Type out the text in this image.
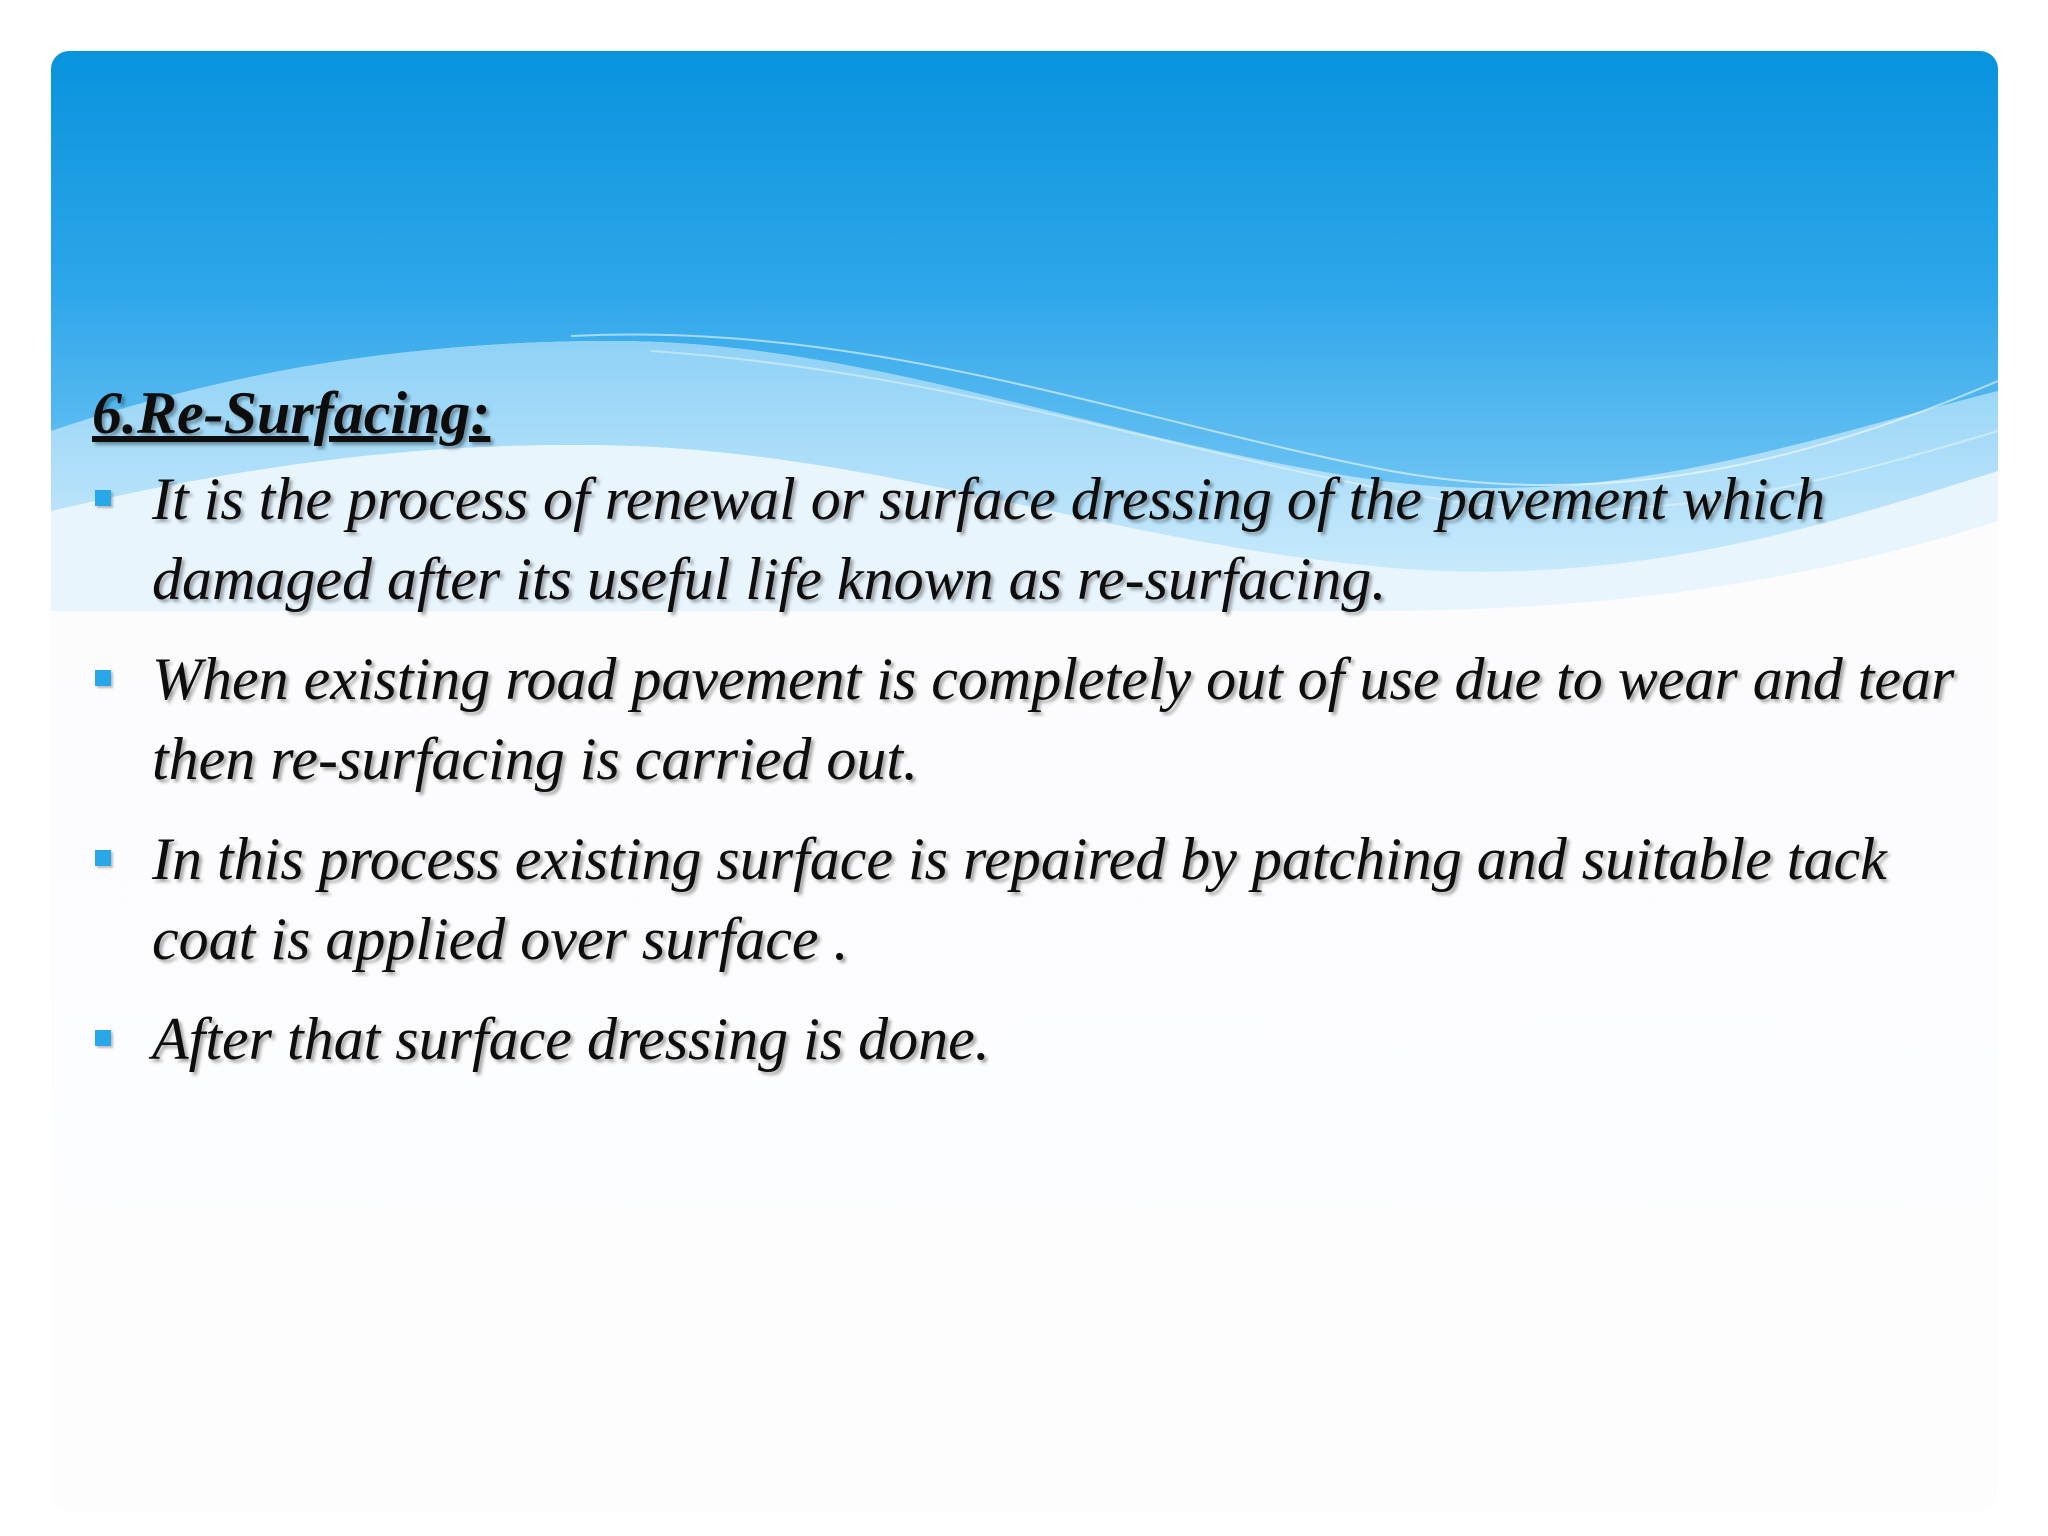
6.Re-Surfacing:
It is the process of renewal or surface dressing of the pavement which damaged after its useful life known as re-surfacing.
When existing road pavement is completely out of use due to wear and tear then re-surfacing is carried out.
In this process existing surface is repaired by patching and suitable tack coat is applied over surface .
After that surface dressing is done.
